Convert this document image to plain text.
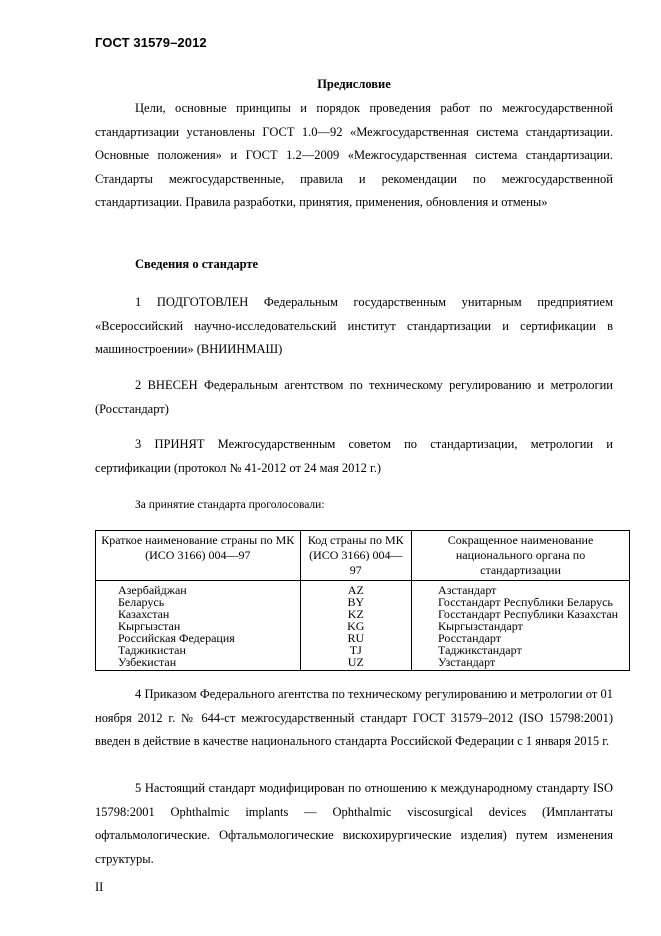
ГОСТ 31579–2012
Предисловие

Цели, основные принципы и порядок проведения работ по межгосударственной стандартизации установлены ГОСТ 1.0—92 «Межгосударственная система стандартизации. Основные положения» и ГОСТ 1.2—2009 «Межгосударственная система стандартизации. Стандарты межгосударственные, правила и рекомендации по межгосударственной стандартизации. Правила разработки, принятия, применения, обновления и отмены»

Сведения о стандарте

1 ПОДГОТОВЛЕН Федеральным государственным унитарным предприятием «Всероссийский научно-исследовательский институт стандартизации и сертификации в машиностроении» (ВНИИНМАШ)

2 ВНЕСЕН Федеральным агентством по техническому регулированию и метрологии (Росстандарт)

3 ПРИНЯТ Межгосударственным советом по стандартизации, метрологии и сертификации (протокол № 41-2012 от 24 мая 2012 г.)

За принятие стандарта проголосовали:
Краткое наименование страны по МК (ИСО 3166) 004—97	Код страны по МК (ИСО 3166) 004—97	Сокращенное наименование национального органа по стандартизации
Азербайджан	AZ	Азстандарт
Беларусь	BY	Госстандарт Республики Беларусь
Казахстан	KZ	Госстандарт Республики Казахстан
Кыргызстан	KG	Кыргызстандарт
Российская Федерация	RU	Росстандарт
Таджикистан	TJ	Таджикстандарт
Узбекистан	UZ	Узстандарт

4 Приказом Федерального агентства по техническому регулированию и метрологии от 01 ноября 2012 г. № 644-ст межгосударственный стандарт ГОСТ 31579–2012 (ISO 15798:2001) введен в действие в качестве национального стандарта Российской Федерации с 1 января 2015 г.

5 Настоящий стандарт модифицирован по отношению к международному стандарту ISO 15798:2001 Ophthalmic implants — Ophthalmic viscosurgical devices (Имплантаты офтальмологические. Офтальмологические вискохирургические изделия) путем изменения структуры.

II
